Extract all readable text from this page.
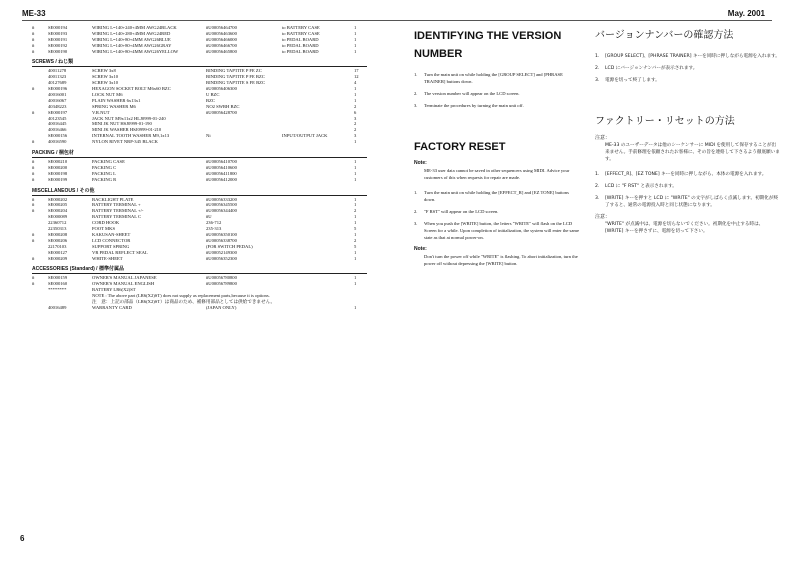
ME-33	May. 2001
#	SE000194	WIRING L=140+240+4MM AWG24BLACK	#U00056464700	to BATTERY CASE	1
#	SE000193	WIRING L=140+280+4MM AWG24RED	#U00056463600	to BATTERY CASE	1
#	SE000191	WIRING L=140+80+4MM AWG26BLUE	#U00056466000	to PEDAL BOARD	1
#	SE000192	WIRING L=140+80+4MM AWG26GRAY	#U00056466700	to PEDAL BOARD	1
#	SE000190	WIRING L=140+80+4MM AWG26YELLOW	#U00056465800	to PEDAL BOARD	1
SCREWS / ねじ類
40011278	SCREW 3x8	BINDING TAPTITE P FE ZC	17
40011323	SCREW 3x10	BINDING TAPTITE P FE BZC	12
40127689	SCREW 3x10	BINDING TAPTITE S FE BZC	4
#	SE000196	HEXAGON SOCKET BOLT M6x60 BZC	#U00056406300	1
40016001	LOCK NUT M6	U BZC	1
40016067	PLAIN WASHER 6x13x1	BZC	1
40348223	SPRING WASHER M6	NO2 SWRH BZC	2
#	SE000197	V.R.NUT	#U00056428700	6
40123545	JACK NUT M9x11x2 HLJ0999-01-240	3
40016445	MINI JK NUT HSJ0999-01-190	2
40016466	MINI JK WASHER HSJ0999-01-210	2
SE000156	INTERNAL TOOTH WASHER M9,1x13	Ni	INPUT/OUTPUT JACK	3
#	40016590	NYLON RIVET NRP-345 BLACK	1
PACKING / 梱包材
#	SE000210	PACKING CASE	#U00056410700	1
#	SE000200	PACKING C	#U00056410600	1
#	SE000198	PACKING L	#U00056411800	1
#	SE000199	PACKING R	#U00056412000	1
MISCELLANEOUS / その他
#	SE000202	BACKLIGHT PLATE	#U00056333200	1
#	SE000205	BATTERY TERMINAL +	#U00056345500	1
#	SE000204	BATTERY TERMINAL +/-	#U00056344400	2
SE000089	BATTERY TERMINAL C	#U	1
22360712	CORD HOOK	236-712	1
22350313	FOOT MKS	235-313	5
#	SE000208	KAKUSAN-SHEET	#U00056350100	1
#	SE000206	LCD CONNECTOR	#U00056338700	2
22170103	SUPPORT SPRING	(FOR SWITCH PEDAL)	5
SE000127	VR PEDAL REFLECT SEAL	#U00052149300	1
#	SE000209	WHITE-SHEET	#U00056352300	1
ACCESSORIES (Standard) / 標準付属品
#	SE000159	OWNER'S MANUAL JAPANESE	#U00056780800	1
#	SE000160	OWNER'S MANUAL ENGLISH	#U00056789800	1
********	BATTERY LR6(X2)ST
NOTE : The above part (LR6(X2)ST) does not supply as replacement parts,because it is options.
注　意：上記の部品（LR6(X2)ST）は商品のため、補修用部品としては供給できません。
40016489	WARRANTY CARD	(JAPAN ONLY)	1
IDENTIFYING THE VERSION NUMBER
1.	Turn the main unit on while holding the [GROUP SELECT] and [PHRASE TRAINER] buttons down.
2.	The version number will appear on the LCD screen.
3.	Terminate the procedures by turning the main unit off.
FACTORY RESET
Note:
ME-33 user data cannot be saved in other sequencers using MIDI. Advice your customers of this when requests for repair are made.
1.	Turn the main unit on while holding the [EFFECT_R] and [EZ TONE] buttons down.
2.	"F RST" will appear on the LCD screen.
3.	When you push the [WRITE] button, the letters "WRITE" will flash on the LCD Screen for a while. Upon completion of initialization, the system will enter the same state as that at normal power-on.
Note:
Don't turn the power off while "WRITE" is flashing. To abort initialization, turn the power off without depressing the [WRITE] button.
バージョンナンバーの確認方法
1.	[GROUP SELECT]、[PHRASE TRAINER] キーを同時に押しながら電源を入れます。
2.	LCD にバージョンナンバーが表示されます。
3.	電源を切って終了します。
ファクトリー・リセットの方法
注意：
ME-33 のユーザーデータは他のシーケンサーに MIDI を使用して保存することが出来ません。手前修理を依頼されたお客様に、その旨を連絡して下さるよう徹底願います。
1.	[EFFECT_R]、[EZ TONE] キーを同時に押しながら、本体の電源を入れます。
2.	LCD に "F RST" と表示されます。
3.	[WRITE] キーを押すと LCD に "WRITE" の文字がしばらく点滅します。初期化が終了すると、通常の電源投入時と同じ状態になります。
注意：
"WRITE" が点滅中は、電源を切らないでください。初期化を中止する時は、[WRITE] キーを押さずに、電源を切って下さい。
6
